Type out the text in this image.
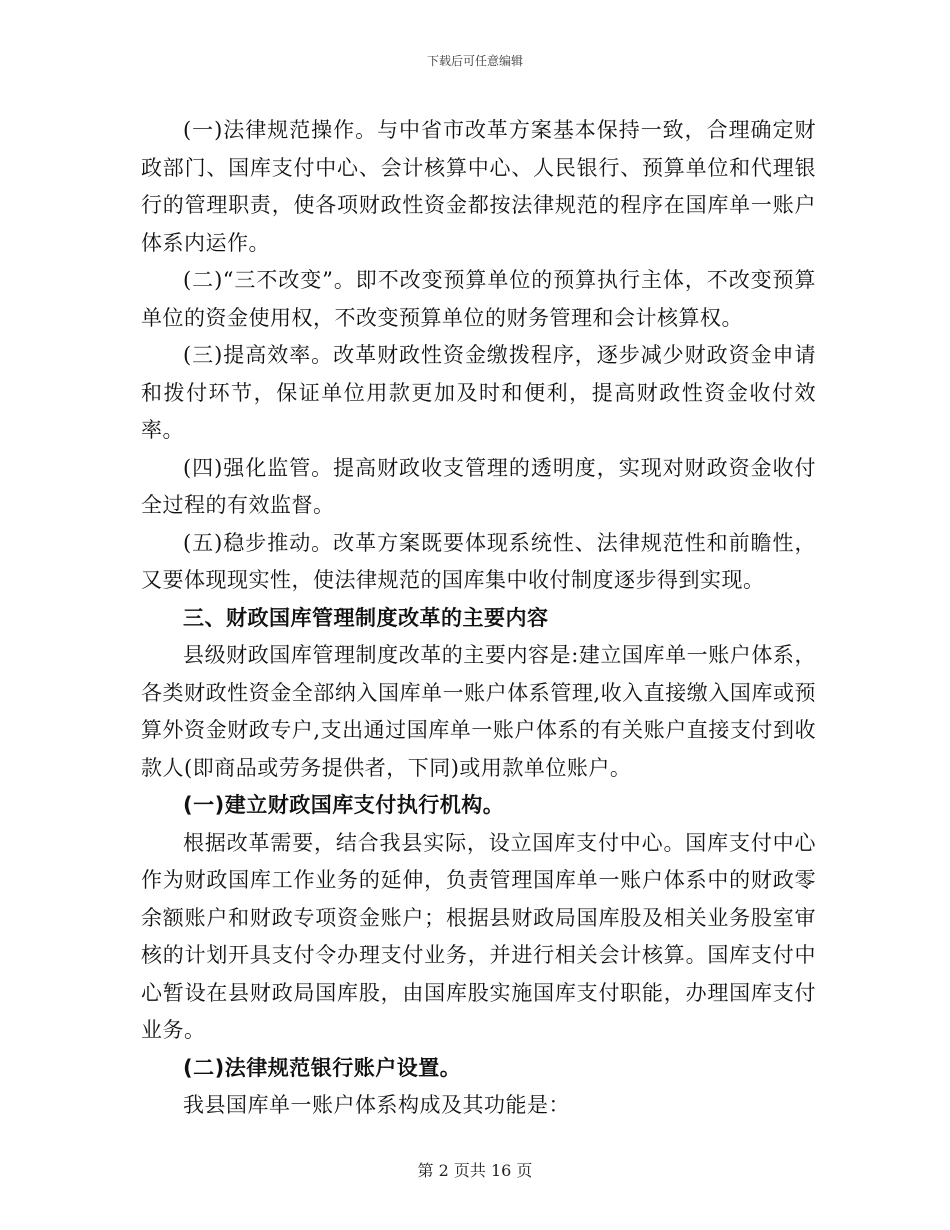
下载后可任意编辑

(一)法律规范操作。与中省市改革方案基本保持一致，合理确定财政部门、国库支付中心、会计核算中心、人民银行、预算单位和代理银行的管理职责，使各项财政性资金都按法律规范的程序在国库单一账户体系内运作。

(二)“三不改变”。即不改变预算单位的预算执行主体，不改变预算单位的资金使用权，不改变预算单位的财务管理和会计核算权。

(三)提高效率。改革财政性资金缴拨程序，逐步减少财政资金申请和拨付环节，保证单位用款更加及时和便利，提高财政性资金收付效率。

(四)强化监管。提高财政收支管理的透明度，实现对财政资金收付全过程的有效监督。

(五)稳步推动。改革方案既要体现系统性、法律规范性和前瞻性，又要体现现实性，使法律规范的国库集中收付制度逐步得到实现。

三、财政国库管理制度改革的主要内容

县级财政国库管理制度改革的主要内容是:建立国库单一账户体系，各类财政性资金全部纳入国库单一账户体系管理,收入直接缴入国库或预算外资金财政专户,支出通过国库单一账户体系的有关账户直接支付到收款人(即商品或劳务提供者，下同)或用款单位账户。

(一)建立财政国库支付执行机构。

根据改革需要，结合我县实际，设立国库支付中心。国库支付中心作为财政国库工作业务的延伸，负责管理国库单一账户体系中的财政零余额账户和财政专项资金账户；根据县财政局国库股及相关业务股室审核的计划开具支付令办理支付业务，并进行相关会计核算。国库支付中心暂设在县财政局国库股，由国库股实施国库支付职能，办理国库支付业务。

(二)法律规范银行账户设置。

我县国库单一账户体系构成及其功能是：

第 2 页共 16 页
